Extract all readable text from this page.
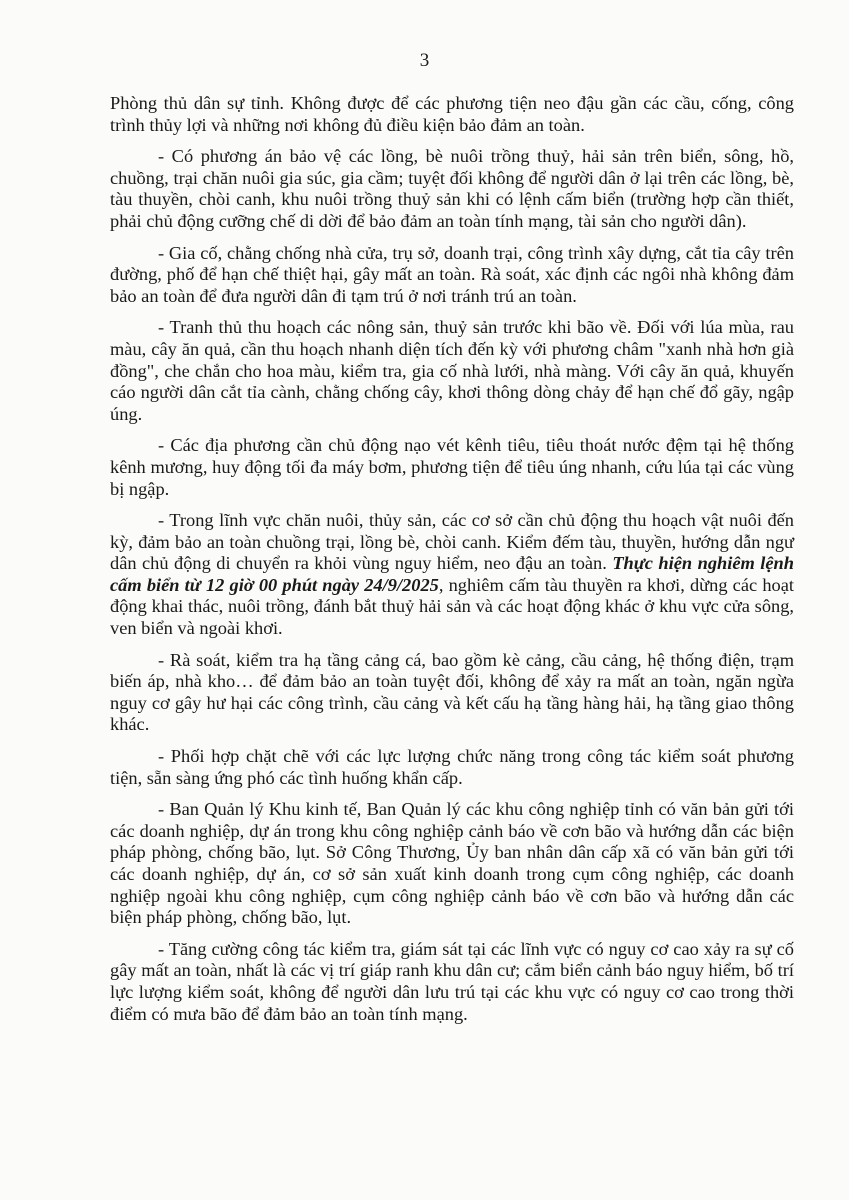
3

Phòng thủ dân sự tỉnh. Không được để các phương tiện neo đậu gần các cầu, cống, công trình thủy lợi và những nơi không đủ điều kiện bảo đảm an toàn.

- Có phương án bảo vệ các lồng, bè nuôi trồng thuỷ, hải sản trên biển, sông, hồ, chuồng, trại chăn nuôi gia súc, gia cầm; tuyệt đối không để người dân ở lại trên các lồng, bè, tàu thuyền, chòi canh, khu nuôi trồng thuỷ sản khi có lệnh cấm biển (trường hợp cần thiết, phải chủ động cưỡng chế di dời để bảo đảm an toàn tính mạng, tài sản cho người dân).

- Gia cố, chằng chống nhà cửa, trụ sở, doanh trại, công trình xây dựng, cắt tỉa cây trên đường, phố để hạn chế thiệt hại, gây mất an toàn. Rà soát, xác định các ngôi nhà không đảm bảo an toàn để đưa người dân đi tạm trú ở nơi tránh trú an toàn.

- Tranh thủ thu hoạch các nông sản, thuỷ sản trước khi bão về. Đối với lúa mùa, rau màu, cây ăn quả, cần thu hoạch nhanh diện tích đến kỳ với phương châm "xanh nhà hơn già đồng", che chắn cho hoa màu, kiểm tra, gia cố nhà lưới, nhà màng. Với cây ăn quả, khuyến cáo người dân cắt tỉa cành, chằng chống cây, khơi thông dòng chảy để hạn chế đổ gãy, ngập úng.

- Các địa phương cần chủ động nạo vét kênh tiêu, tiêu thoát nước đệm tại hệ thống kênh mương, huy động tối đa máy bơm, phương tiện để tiêu úng nhanh, cứu lúa tại các vùng bị ngập.

- Trong lĩnh vực chăn nuôi, thủy sản, các cơ sở cần chủ động thu hoạch vật nuôi đến kỳ, đảm bảo an toàn chuồng trại, lồng bè, chòi canh. Kiểm đếm tàu, thuyền, hướng dẫn ngư dân chủ động di chuyển ra khỏi vùng nguy hiểm, neo đậu an toàn. Thực hiện nghiêm lệnh cấm biển từ 12 giờ 00 phút ngày 24/9/2025, nghiêm cấm tàu thuyền ra khơi, dừng các hoạt động khai thác, nuôi trồng, đánh bắt thuỷ hải sản và các hoạt động khác ở khu vực cửa sông, ven biển và ngoài khơi.

- Rà soát, kiểm tra hạ tầng cảng cá, bao gồm kè cảng, cầu cảng, hệ thống điện, trạm biến áp, nhà kho… để đảm bảo an toàn tuyệt đối, không để xảy ra mất an toàn, ngăn ngừa nguy cơ gây hư hại các công trình, cầu cảng và kết cấu hạ tầng hàng hải, hạ tầng giao thông khác.

- Phối hợp chặt chẽ với các lực lượng chức năng trong công tác kiểm soát phương tiện, sẵn sàng ứng phó các tình huống khẩn cấp.

- Ban Quản lý Khu kinh tế, Ban Quản lý các khu công nghiệp tỉnh có văn bản gửi tới các doanh nghiệp, dự án trong khu công nghiệp cảnh báo về cơn bão và hướng dẫn các biện pháp phòng, chống bão, lụt. Sở Công Thương, Ủy ban nhân dân cấp xã có văn bản gửi tới các doanh nghiệp, dự án, cơ sở sản xuất kinh doanh trong cụm công nghiệp, các doanh nghiệp ngoài khu công nghiệp, cụm công nghiệp cảnh báo về cơn bão và hướng dẫn các biện pháp phòng, chống bão, lụt.

- Tăng cường công tác kiểm tra, giám sát tại các lĩnh vực có nguy cơ cao xảy ra sự cố gây mất an toàn, nhất là các vị trí giáp ranh khu dân cư; cắm biển cảnh báo nguy hiểm, bố trí lực lượng kiểm soát, không để người dân lưu trú tại các khu vực có nguy cơ cao trong thời điểm có mưa bão để đảm bảo an toàn tính mạng.
